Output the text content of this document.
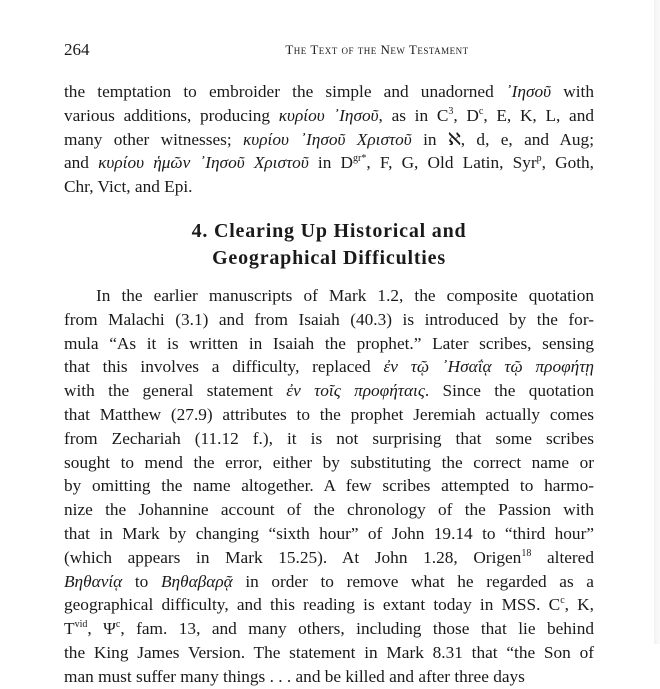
264	The Text of the New Testament
the temptation to embroider the simple and unadorned ᾿Ιησοῦ with
various additions, producing κυρίου ᾿Ιησοῦ, as in $C^3$, $D^c$, E, K, L, and
many other witnesses; κυρίου ᾿Ιησοῦ Χριστοῦ in ℵ, d, e, and Aug;
and κυρίου ἡμῶν ᾿Ιησοῦ Χριστοῦ in $D^{gr*}$, F, G, Old Latin, Syr$^p$, Goth,
Chr, Vict, and Epi.
4. Clearing Up Historical and
Geographical Difficulties
In the earlier manuscripts of Mark 1.2, the composite quotation
from Malachi (3.1) and from Isaiah (40.3) is introduced by the for-
mula “As it is written in Isaiah the prophet.” Later scribes, sensing
that this involves a difficulty, replaced ἐν τῷ ᾿Ησαΐᾳ τῷ προφήτῃ
with the general statement ἐν τοῖς προφήταις. Since the quotation
that Matthew (27.9) attributes to the prophet Jeremiah actually comes
from Zechariah (11.12 f.), it is not surprising that some scribes
sought to mend the error, either by substituting the correct name or
by omitting the name altogether. A few scribes attempted to harmo-
nize the Johannine account of the chronology of the Passion with
that in Mark by changing “sixth hour” of John 19.14 to “third hour”
(which appears in Mark 15.25). At John 1.28, Origen$^{18}$ altered
Βηθανίᾳ to Βηθαβαρᾷ in order to remove what he regarded as a
geographical difficulty, and this reading is extant today in MSS. $C^c$, K,
$T^{vid}$, $\Psi^c$, fam. 13, and many others, including those that lie behind
the King James Version. The statement in Mark 8.31 that “the Son of
man must suffer many things . . . and be killed and after three days
